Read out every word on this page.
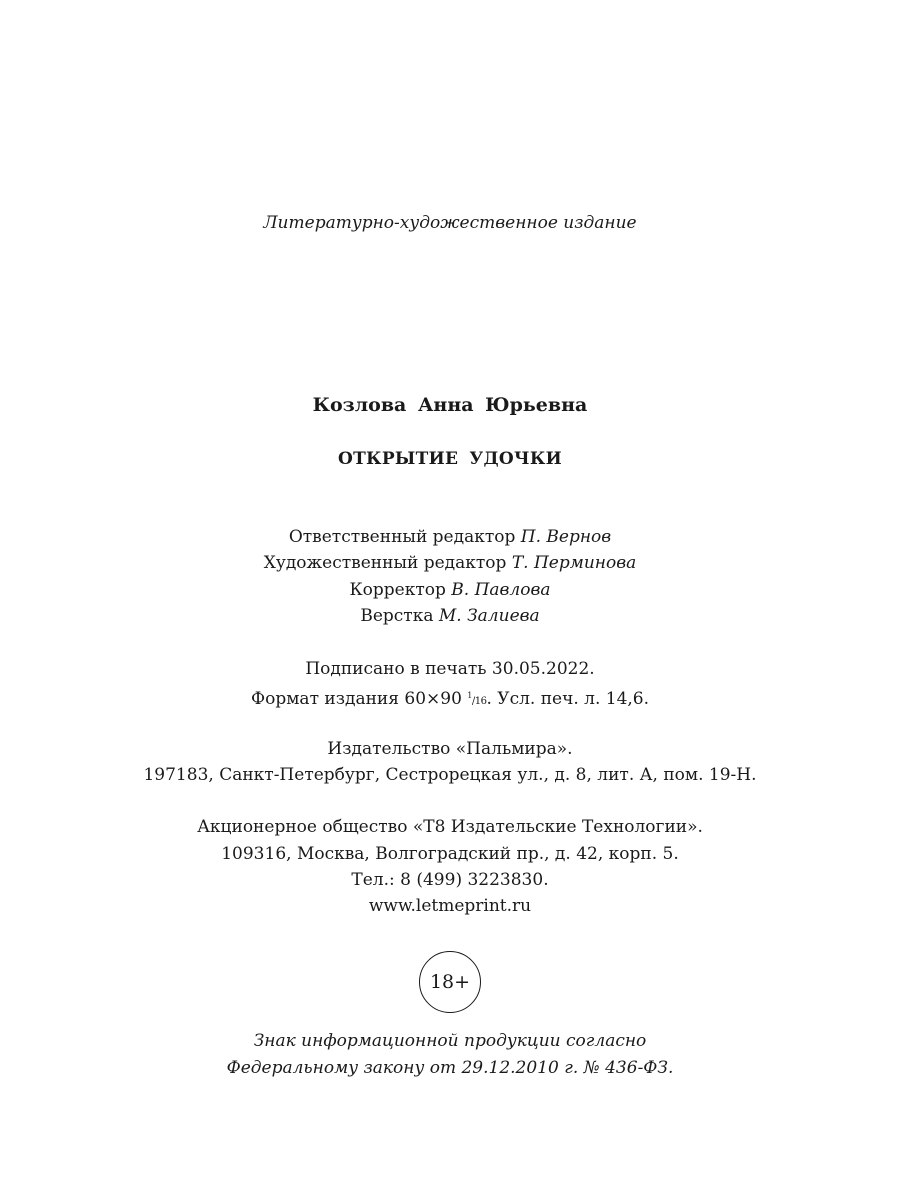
Литературно-художественное издание
Козлова Анна Юрьевна
ОТКРЫТИЕ УДОЧКИ
Ответственный редактор П. Вернов
Художественный редактор Т. Перминова
Корректор В. Павлова
Верстка М. Залиева
Подписано в печать 30.05.2022.
Формат издания 60×90 $^1$/16. Усл. печ. л. 14,6.
Издательство «Пальмира».
197183, Санкт-Петербург, Сестрорецкая ул., д. 8, лит. А, пом. 19-Н.
Акционерное общество «Т8 Издательские Технологии».
109316, Москва, Волгоградский пр., д. 42, корп. 5.
Тел.: 8 (499) 3223830.
www.letmeprint.ru
18+
Знак информационной продукции согласно
Федеральному закону от 29.12.2010 г. № 436-ФЗ.
